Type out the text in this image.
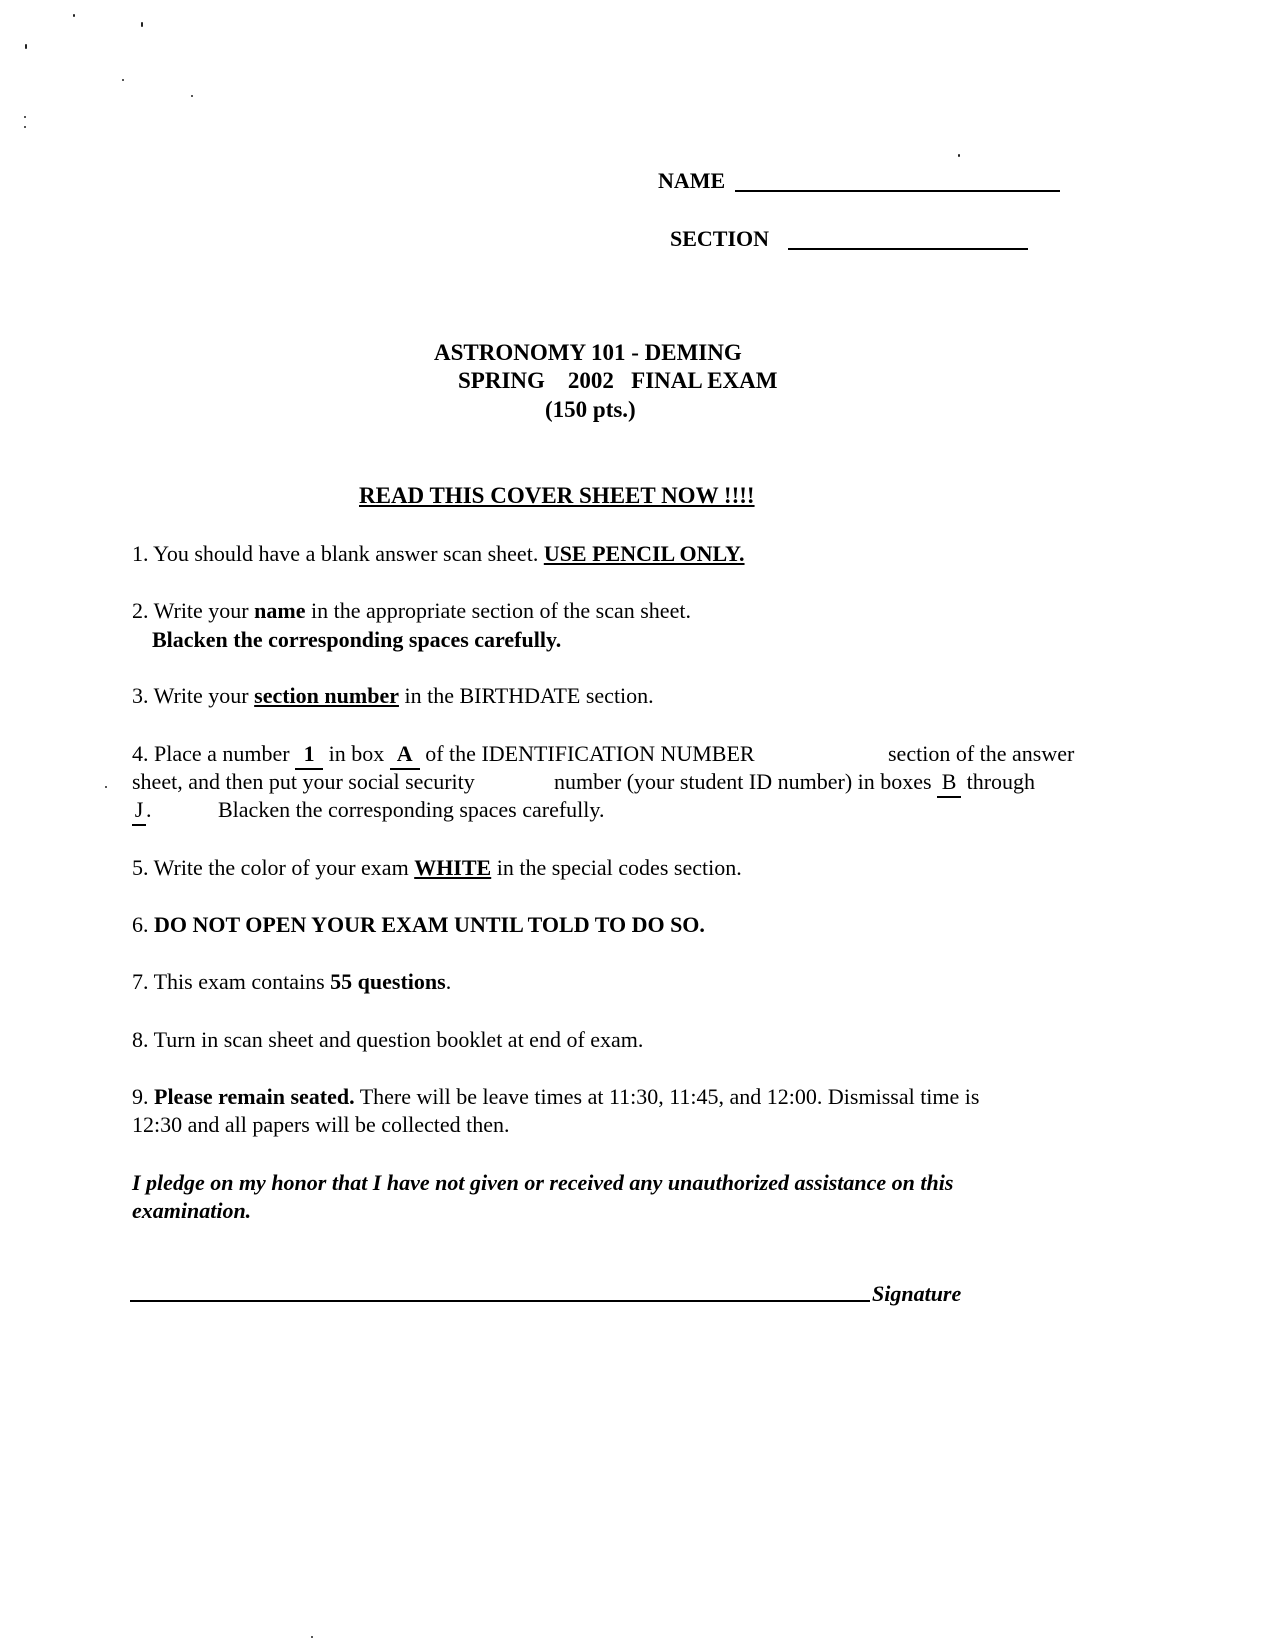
NAME
SECTION
ASTRONOMY 101 - DEMING
SPRING    2002   FINAL EXAM
(150 pts.)
READ THIS COVER SHEET NOW !!!!
1. You should have a blank answer scan sheet. USE PENCIL ONLY.
2. Write your name in the appropriate section of the scan sheet.
Blacken the corresponding spaces carefully.
3. Write your section number in the BIRTHDATE section.
4. Place a number 1 in box A of the IDENTIFICATION NUMBER	section of the answer
sheet, and then put your social security	number (your student ID number) in boxes B through
J .	Blacken the corresponding spaces carefully.
5. Write the color of your exam WHITE in the special codes section.
6. DO NOT OPEN YOUR EXAM UNTIL TOLD TO DO SO.
7. This exam contains 55 questions.
8. Turn in scan sheet and question booklet at end of exam.
9. Please remain seated. There will be leave times at 11:30, 11:45, and 12:00. Dismissal time is
12:30 and all papers will be collected then.
I pledge on my honor that I have not given or received any unauthorized assistance on this
examination.
Signature
